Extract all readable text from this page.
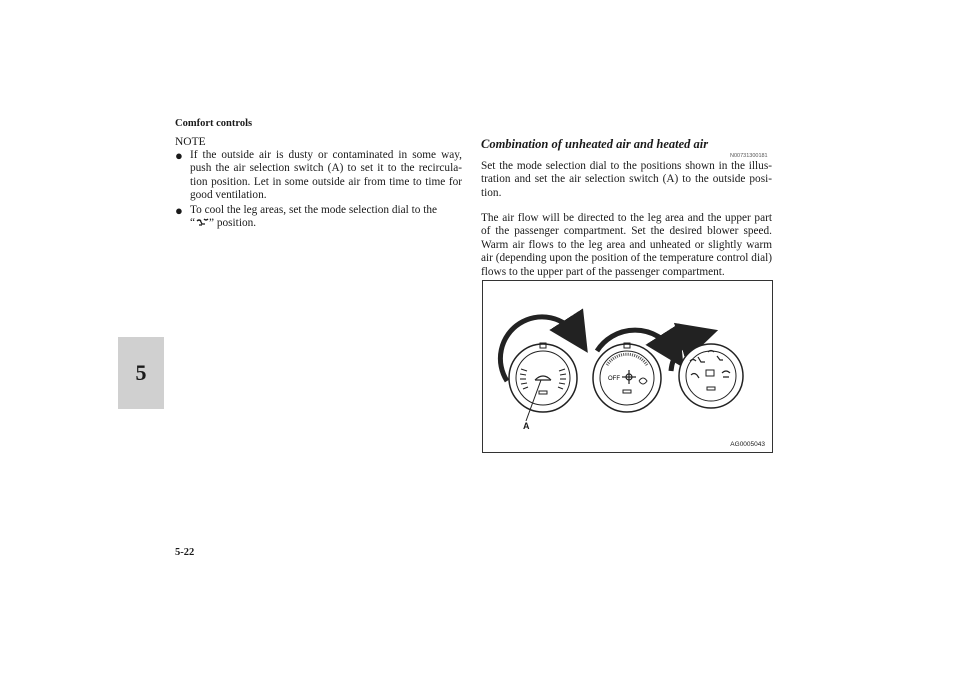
Comfort controls
5
5-22
NOTE
● If the outside air is dusty or contaminated in some way, push the air selection switch (A) to set it to the recircula-tion position. Let in some outside air from time to time for good ventilation.
● To cool the leg areas, set the mode selection dial to the
“ ” position.
Combination of unheated air and heated air
N00731300181
Set the mode selection dial to the positions shown in the illus-tration and set the air selection switch (A) to the outside posi-tion.
The air flow will be directed to the leg area and the upper part of the passenger compartment. Set the desired blower speed. Warm air flows to the leg area and unheated or slightly warm air (depending upon the position of the temperature control dial) flows to the upper part of the passenger compartment.
OFF
A
AG0005043
